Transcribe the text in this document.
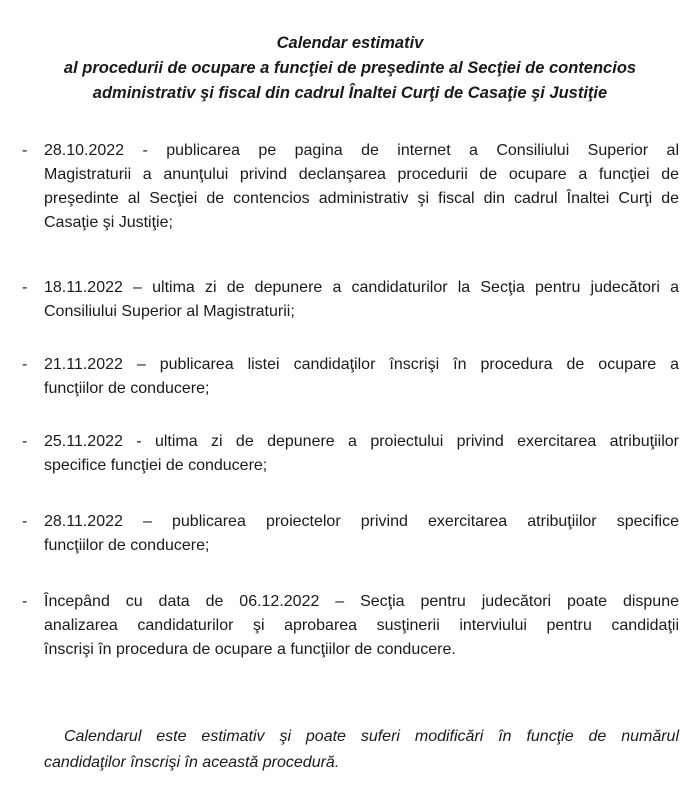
Calendar estimativ
al procedurii de ocupare a funcţiei de preşedinte al Secţiei de contencios
administrativ şi fiscal din cadrul Înaltei Curţi de Casaţie şi Justiţie
- 28.10.2022 - publicarea pe pagina de internet a Consiliului Superior al
Magistraturii a anunţului privind declanşarea procedurii de ocupare a funcţiei de
preşedinte al Secţiei de contencios administrativ şi fiscal din cadrul Înaltei Curţi de
Casaţie şi Justiţie;
- 18.11.2022 – ultima zi de depunere a candidaturilor la Secţia pentru judecători a
Consiliului Superior al Magistraturii;
- 21.11.2022 – publicarea listei candidaţilor înscrişi în procedura de ocupare a
funcţiilor de conducere;
- 25.11.2022 - ultima zi de depunere a proiectului privind exercitarea atribuţiilor
specifice funcţiei de conducere;
- 28.11.2022 – publicarea proiectelor privind exercitarea atribuţiilor specifice
funcţiilor de conducere;
- Începând cu data de 06.12.2022 – Secţia pentru judecători poate dispune
analizarea candidaturilor şi aprobarea susţinerii interviului pentru candidaţii
înscrişi în procedura de ocupare a funcţiilor de conducere.
Calendarul este estimativ şi poate suferi modificări în funcţie de numărul
candidaţilor înscrişi în această procedură.
